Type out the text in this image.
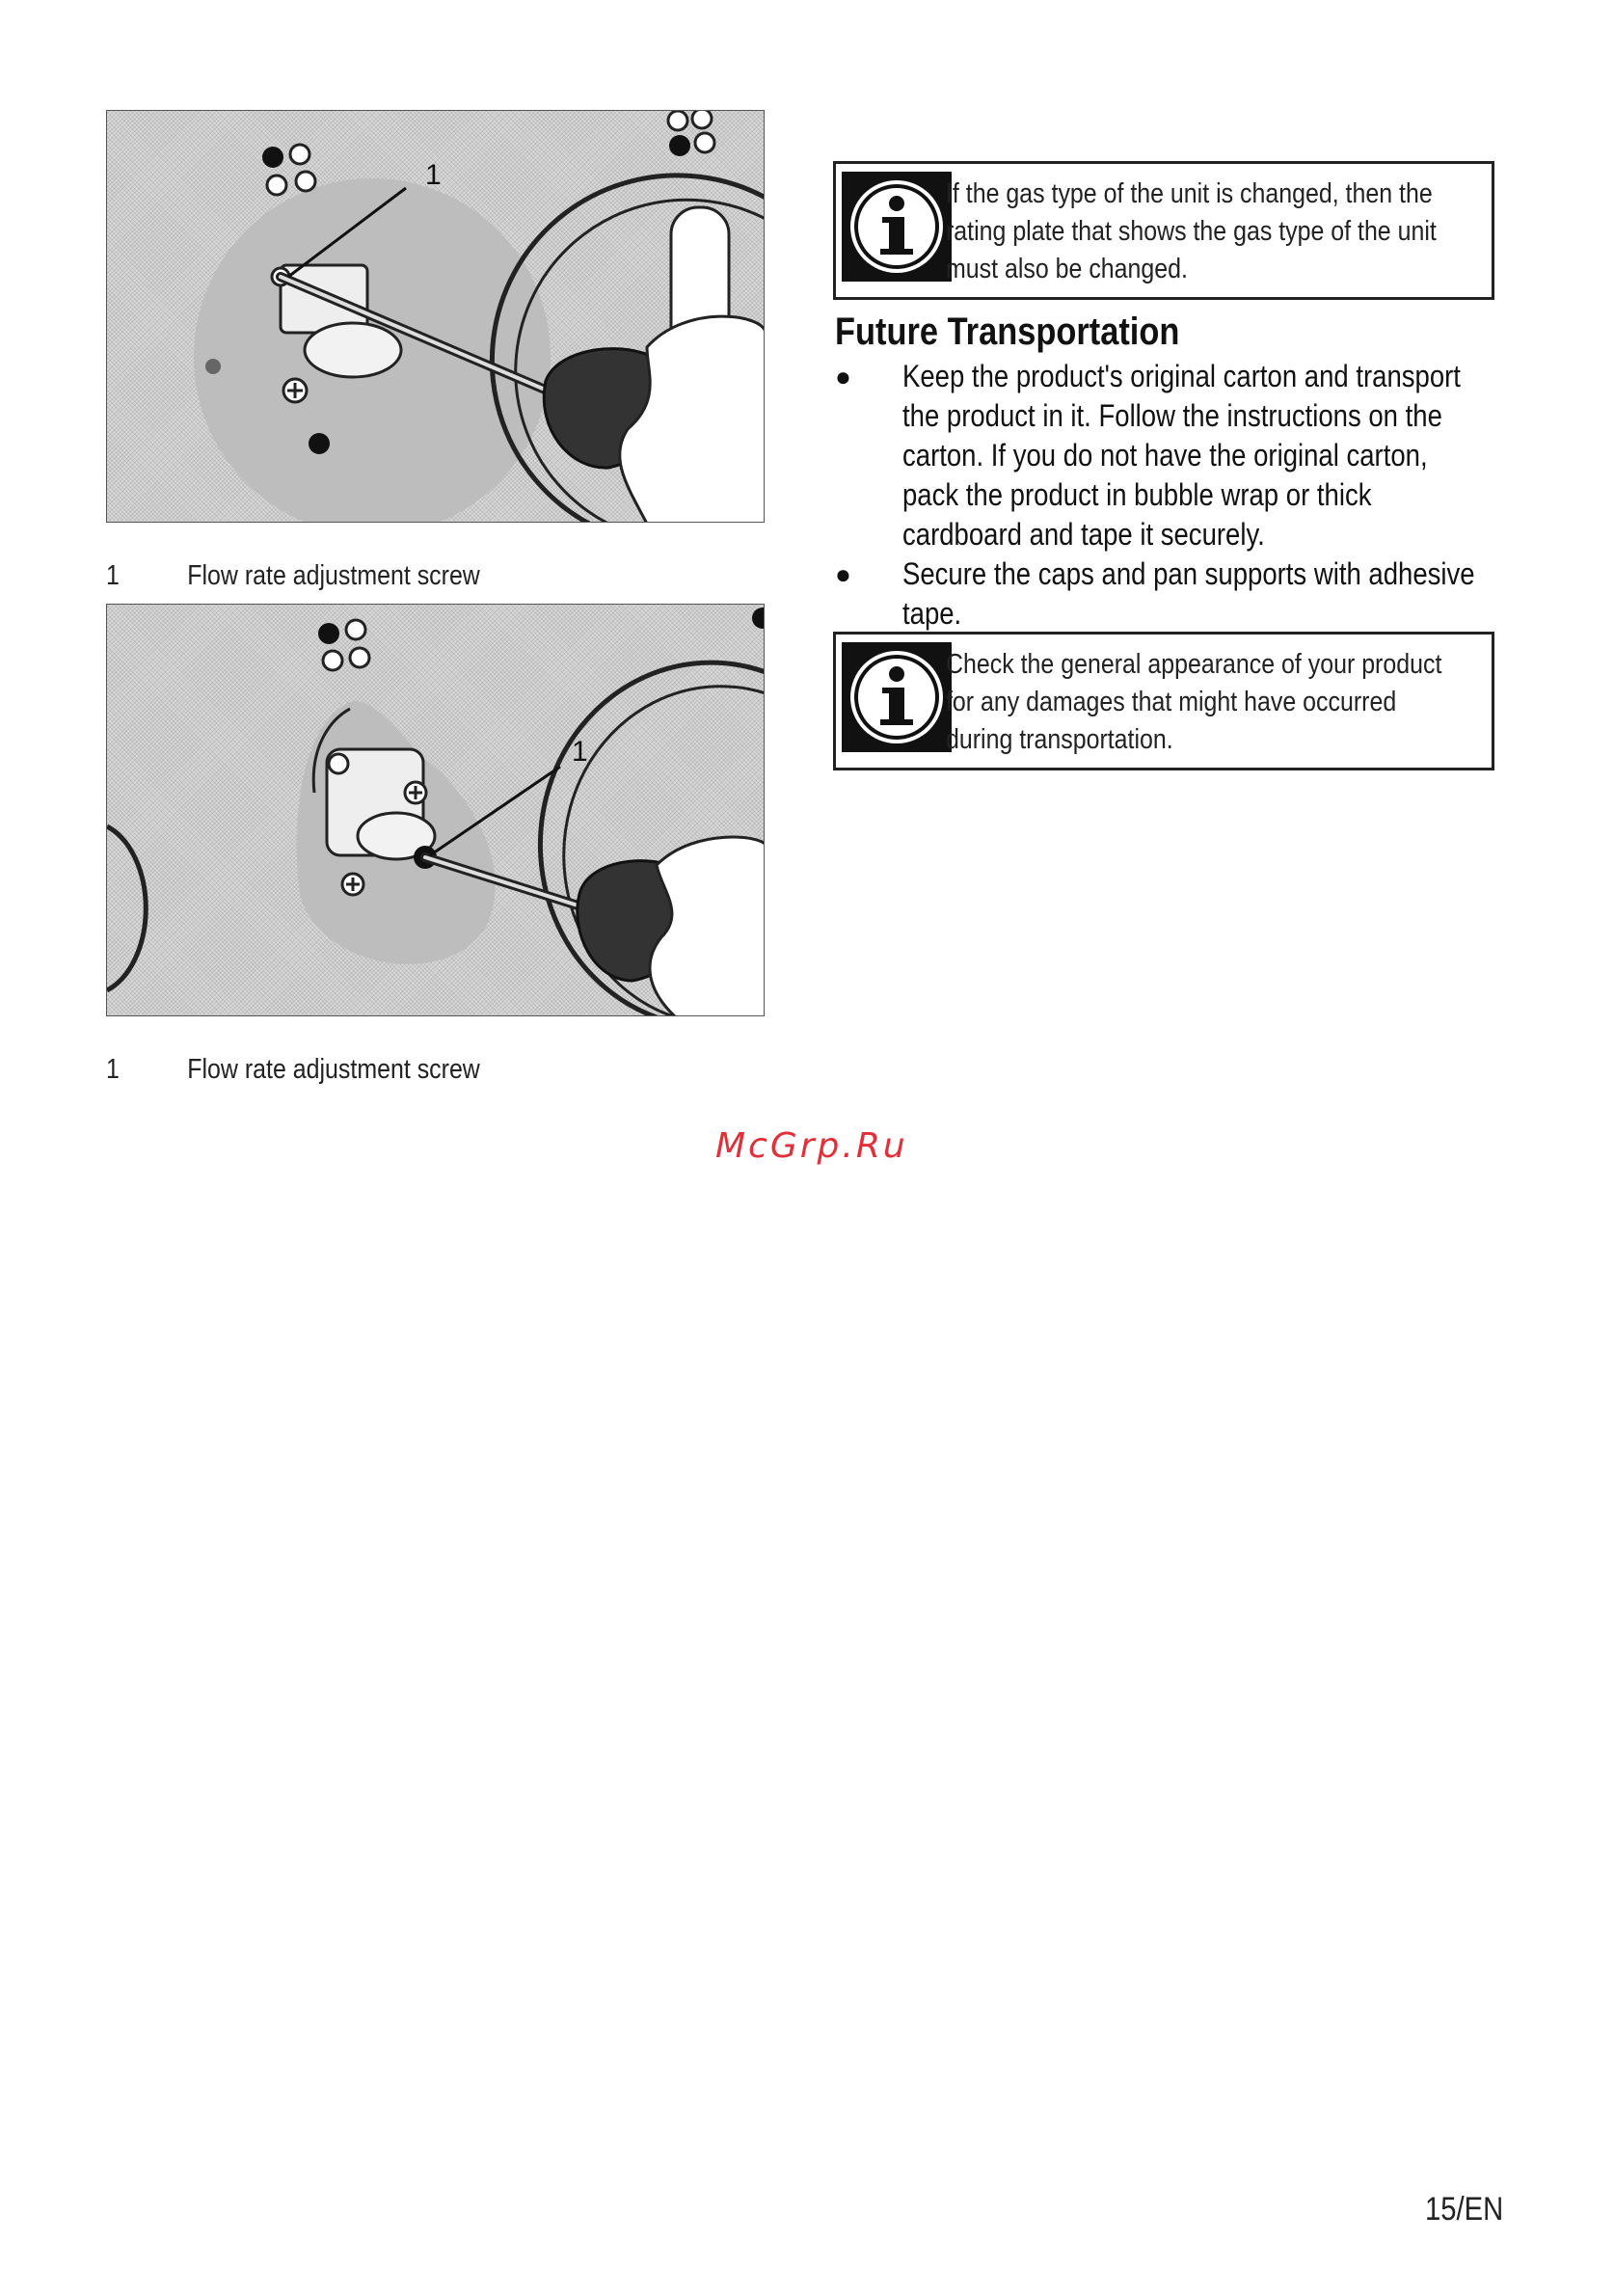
1
1 Flow rate adjustment screw
1
1 Flow rate adjustment screw
If the gas type of the unit is changed, then the
rating plate that shows the gas type of the unit
must also be changed.
Future Transportation
● Keep the product's original carton and transport
the product in it. Follow the instructions on the
carton. If you do not have the original carton,
pack the product in bubble wrap or thick
cardboard and tape it securely.
● Secure the caps and pan supports with adhesive
tape.
Check the general appearance of your product
for any damages that might have occurred
during transportation.
McGrp.Ru
15/EN
